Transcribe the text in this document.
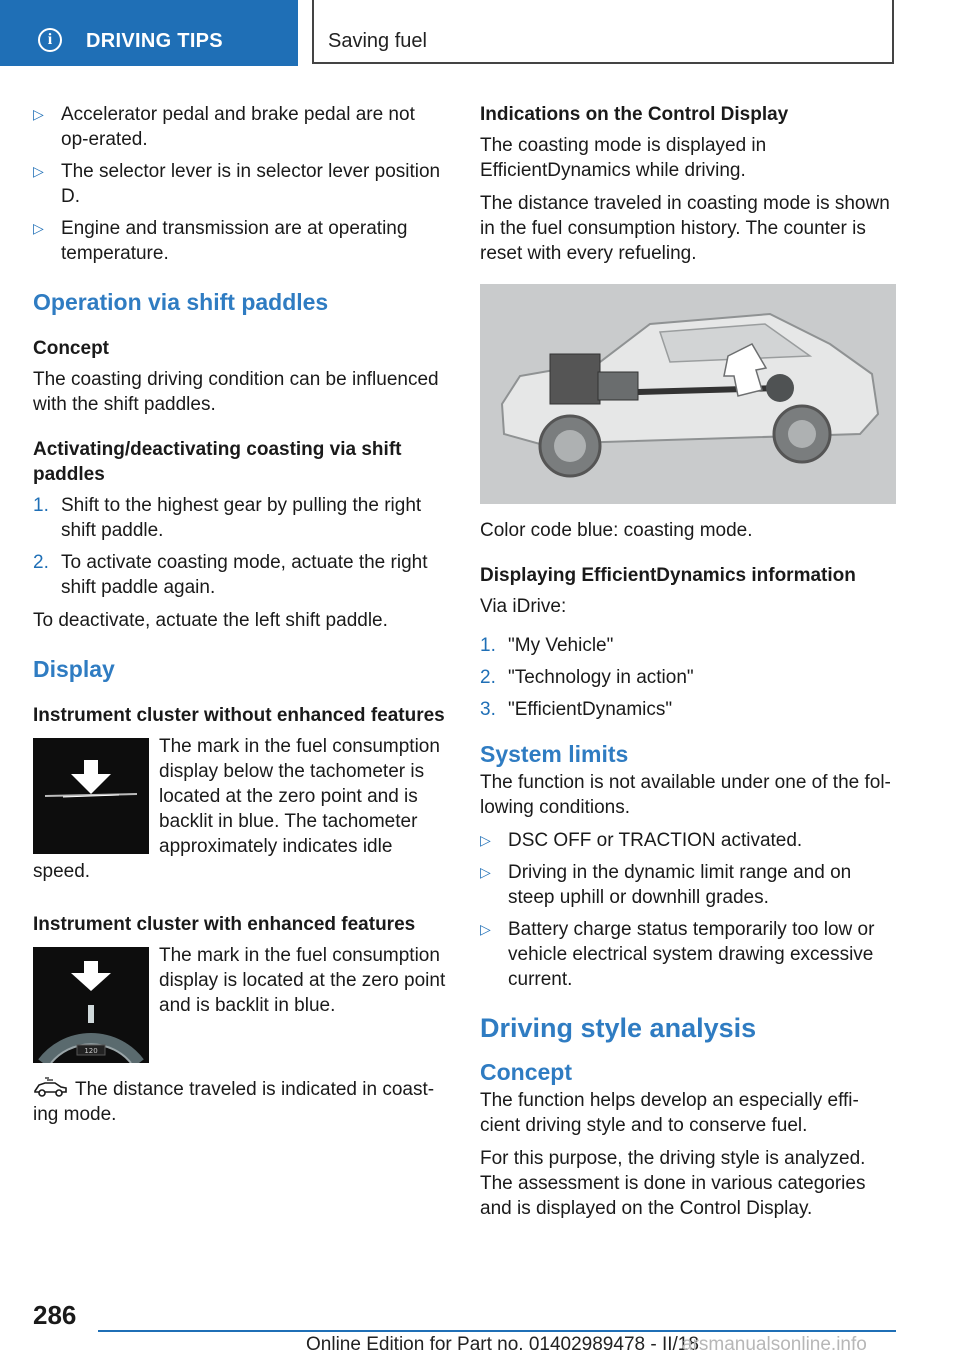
i	DRIVING TIPS	Saving fuel
▷ Accelerator pedal and brake pedal are not op‐erated.
▷ The selector lever is in selector lever position D.
▷ Engine and transmission are at operating temperature.
Operation via shift paddles
Concept

The coasting driving condition can be influenced with the shift paddles.

Activating/deactivating coasting via shift paddles
1. Shift to the highest gear by pulling the right shift paddle.
2. To activate coasting mode, actuate the right shift paddle again.

To deactivate, actuate the left shift paddle.

Display
Instrument cluster without enhanced features

The mark in the fuel consumption display below the tachometer is located at the zero point and is backlit in blue. The tachometer approximately indicates idle speed.

Instrument cluster with enhanced features
120

The mark in the fuel consumption display is located at the zero point and is backlit in blue.

The distance traveled is indicated in coast‐ing mode.

Indications on the Control Display

The coasting mode is displayed in EfficientDynamics while driving.

The distance traveled in coasting mode is shown in the fuel consumption history. The counter is reset with every refueling.

Color code blue: coasting mode.

Displaying EfficientDynamics information

Via iDrive:

1. "My Vehicle"
2. "Technology in action"
3. "EfficientDynamics"
System limits

The function is not available under one of the fol‐lowing conditions.

▷ DSC OFF or TRACTION activated.
▷ Driving in the dynamic limit range and on steep uphill or downhill grades.
▷ Battery charge status temporarily too low or vehicle electrical system drawing excessive current.
Driving style analysis
Concept

The function helps develop an especially effi‐cient driving style and to conserve fuel.

For this purpose, the driving style is analyzed. The assessment is done in various categories and is displayed on the Control Display.

286
Online Edition for Part no. 01402989478 - II/18
arsmanualsonline.info
